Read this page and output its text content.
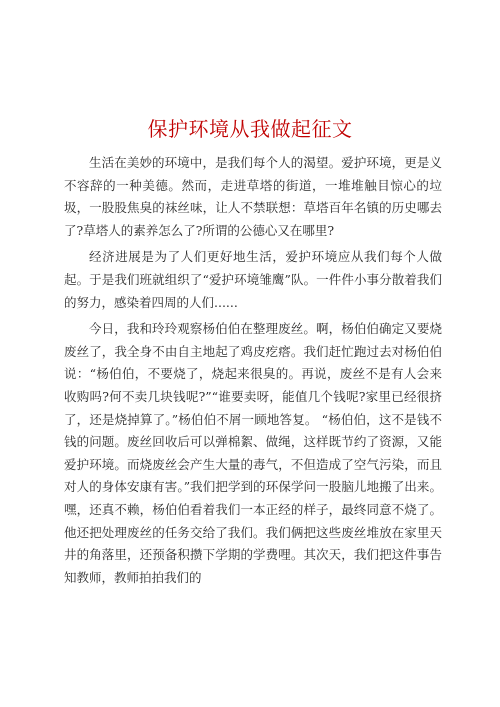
保护环境从我做起征文

生活在美妙的环境中，是我们每个人的渴望。爱护环境，更是义不容辞的一种美德。然而，走进草塔的街道，一堆堆触目惊心的垃圾，一股股焦臭的袜丝味，让人不禁联想：草塔百年名镇的历史哪去了?草塔人的素养怎么了?所谓的公德心又在哪里?

经济进展是为了人们更好地生活，爱护环境应从我们每个人做起。于是我们班就组织了“爱护环境雏鹰”队。一件件小事分散着我们的努力，感染着四周的人们......

今日，我和玲玲观察杨伯伯在整理废丝。啊，杨伯伯确定又要烧废丝了，我全身不由自主地起了鸡皮疙瘩。我们赶忙跑过去对杨伯伯说：“杨伯伯，不要烧了，烧起来很臭的。再说，废丝不是有人会来收购吗?何不卖几块钱呢?”“谁要卖呀，能值几个钱呢?家里已经很挤了，还是烧掉算了。”杨伯伯不屑一顾地答复。 “杨伯伯，这不是钱不钱的问题。废丝回收后可以弹棉絮、做绳，这样既节约了资源，又能爱护环境。而烧废丝会产生大量的毒气，不但造成了空气污染，而且对人的身体安康有害。”我们把学到的环保学问一股脑儿地搬了出来。嘿，还真不赖，杨伯伯看着我们一本正经的样子，最终同意不烧了。他还把处理废丝的任务交给了我们。我们俩把这些废丝堆放在家里天井的角落里，还预备积攒下学期的学费哩。其次天，我们把这件事告知教师，教师拍拍我们的
